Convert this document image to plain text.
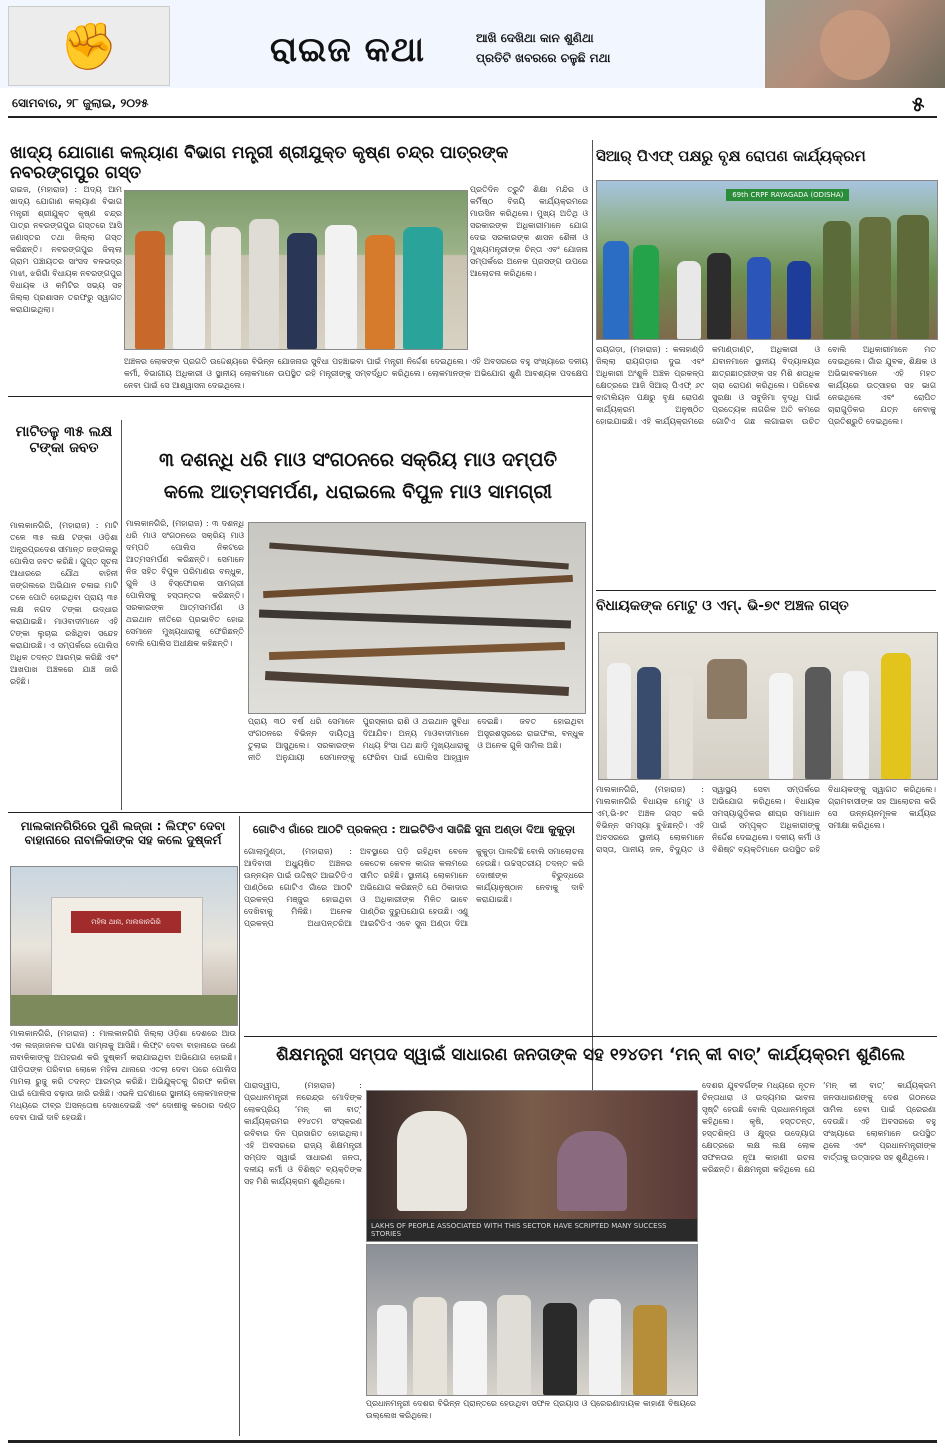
✊	ରାଇଜ କଥା	ଆଖି ଦେଖିଥା କାନ ଶୁଣିଥା
ପ୍ରତିଟି ଖବରରେ ଚଳୁଛି ମଥା
ସୋମବାର, ୨୮ ଜୁଲାଇ, ୨୦୨୫	୫
ଖାଦ୍ୟ ଯୋଗାଣ କଲ୍ୟାଣ ବିଭାଗ ମନ୍ତ୍ରୀ ଶ୍ରୀଯୁକ୍ତ କୃଷ୍ଣ ଚନ୍ଦ୍ର ପାତ୍ରଙ୍କ ନବରଙ୍ଗପୁର ଗସ୍ତ
ରାଇଜ, (ମହାରାଜ) : ଅଦ୍ୟ ଆମ ଖାଦ୍ୟ ଯୋଗାଣ କଲ୍ୟାଣ ବିଭାଗ ମନ୍ତ୍ରୀ ଶ୍ରୀଯୁକ୍ତ କୃଷ୍ଣ ଚନ୍ଦ୍ର ପାତ୍ର ନବରଙ୍ଗପୁର ଗସ୍ତରେ ଆସି ଜଣାସ୍ତର ତଥା ଜିଲ୍ଲା ଗସ୍ତ କରିଛନ୍ତି। ନବରଙ୍ଗପୁର ଜିଲ୍ଲା ଗ୍ରାମ ପଞ୍ଚାୟତର ସାଂସଦ ବଳଭଦ୍ର ମାଝୀ, ଝରିଗାଁ ବିଧାୟକ ନବରଙ୍ଗପୁର ବିଧାୟକ ଓ କମିଟିର ସଭ୍ୟ ସହ ଜିଲ୍ଲା ପ୍ରଶାସନ ତରଫରୁ ସ୍ୱାଗତ କରାଯାଇଥିଲା।
ପ୍ରତିଦିନ ତ୍ରୁଟି ଶିକ୍ଷା ମନ୍ଦିର ଓ କର୍ମିଷ୍ଠ ବିଜୟି କାର୍ଯ୍ୟକ୍ରମରେ ମାଉସିନ କରିଥିଲେ। ମୁଖ୍ୟ ଅତିଥି ଓ ସରକାରଙ୍କ ଅଧିକାରୀମାନେ ଯୋଗ ଦେଇ ସରକାରଙ୍କ ଶାସନ ଶୈଳୀ ଓ ମୁଖ୍ୟମନ୍ତ୍ରୀଙ୍କ ଚିନ୍ତା ଏବଂ ଯୋଜନା ସମ୍ପର୍କରେ ଅନେକ ପ୍ରସଙ୍ଗ ଉପରେ ଆଲୋଚନା କରିଥିଲେ।
ଅଞ୍ଚଳର ଲୋକଙ୍କ ପ୍ରଗତି ଉଦ୍ଦେଶ୍ୟରେ ବିଭିନ୍ନ ଯୋଜନାର ସୁବିଧା ପହଞ୍ଚାଇବା ପାଇଁ ମନ୍ତ୍ରୀ ନିର୍ଦ୍ଦେଶ ଦେଇଥିଲେ। ଏହି ଅବସରରେ ବହୁ ସଂଖ୍ୟାରେ ଦଳୀୟ କର୍ମୀ, ବିଭାଗୀୟ ଅଧିକାରୀ ଓ ସ୍ଥାନୀୟ ଲୋକମାନେ ଉପସ୍ଥିତ ରହି ମନ୍ତ୍ରୀଙ୍କୁ ସମ୍ବର୍ଦ୍ଧିତ କରିଥିଲେ। ଲୋକମାନଙ୍କ ଅଭିଯୋଗ ଶୁଣି ଆବଶ୍ୟକ ପଦକ୍ଷେପ ନେବା ପାଇଁ ସେ ଆଶ୍ୱାସନା ଦେଇଥିଲେ।
ସିଆର୍ ପିଏଫ୍ ପକ୍ଷରୁ ବୃକ୍ଷ ରୋପଣ କାର୍ଯ୍ୟକ୍ରମ
69th CRPF RAYAGADA (ODISHA)
ରାୟଗଡ଼ା, (ମହାରାଜ) : କଳାହାଣ୍ଡି ଜିଲ୍ଲା ରାୟଗଡ଼ାର ଦୁଇ ଏବଂ ଅଧିକାରୀ ଅଂଶୁଳି ଅଞ୍ଚଳ ପ୍ରକଳ୍ପ କ୍ଷେତ୍ରରେ ଆଜି ସିଆର୍ ପିଏଫ୍ ୬୯ ବାଟାଲିୟନ ପକ୍ଷରୁ ବୃକ୍ଷ ରୋପଣ କାର୍ଯ୍ୟକ୍ରମ ଅନୁଷ୍ଠିତ ହୋଇଯାଇଛି। ଏହି କାର୍ଯ୍ୟକ୍ରମରେ କମାଣ୍ଡାଣ୍ଟ, ଅଧିକାରୀ ଓ ଯବାନମାନେ ସ୍ଥାନୀୟ ବିଦ୍ୟାଳୟର ଛାତ୍ରଛାତ୍ରୀଙ୍କ ସହ ମିଶି ଶତାଧିକ ଚାରା ରୋପଣ କରିଥିଲେ। ପରିବେଶ ସୁରକ୍ଷା ଓ ସବୁଜିମା ବୃଦ୍ଧି ପାଇଁ ପ୍ରତ୍ୟେକ ନାଗରିକ ଅତି କମରେ ଗୋଟିଏ ଗଛ ଲଗାଇବା ଉଚିତ ବୋଲି ଅଧିକାରୀମାନେ ମତ ଦେଇଥିଲେ। ଗାଁର ଯୁବକ, ଶିକ୍ଷକ ଓ ଅଭିଭାବକମାନେ ଏହି ମହତ କାର୍ଯ୍ୟରେ ଉତ୍ସାହର ସହ ଭାଗ ନେଇଥିଲେ ଏବଂ ରୋପିତ ଚାରାଗୁଡ଼ିକର ଯତ୍ନ ନେବାକୁ ପ୍ରତିଶ୍ରୁତି ଦେଇଥିଲେ।
ମାଟିତଳୁ ୩୫ ଲକ୍ଷ ଟଙ୍କା ଜବତ
ମାଲକାନଗିରି, (ମହାରାଜ) : ମାଟି ତଳେ ୩୫ ଲକ୍ଷ ଟଙ୍କା ଓଡ଼ିଶା ଅନ୍ଧ୍ରପ୍ରଦେଶ ସୀମାନ୍ତ ଜଙ୍ଗଲରୁ ପୋଲିସ ଜବତ କରିଛି। ଗୁପ୍ତ ସୂଚନା ଆଧାରରେ ଯୌଥ ବାହିନୀ ଜଙ୍ଗଲରେ ଅଭିଯାନ ଚଳାଇ ମାଟି ତଳେ ପୋତି ହୋଇଥିବା ପ୍ରାୟ ୩୫ ଲକ୍ଷ ନଗଦ ଟଙ୍କା ଉଦ୍ଧାର କରାଯାଇଛି। ମାଓବାଦୀମାନେ ଏହି ଟଙ୍କା ଲୁଚାଇ ରଖିଥିବା ସନ୍ଦେହ କରାଯାଉଛି। ଏ ସମ୍ପର୍କରେ ପୋଲିସ ଅଧିକ ତଦନ୍ତ ଆରମ୍ଭ କରିଛି ଏବଂ ଆଖପାଖ ଅଞ୍ଚଳରେ ଯାଞ୍ଚ ଜାରି ରହିଛି।
୩ ଦଶନ୍ଧି ଧରି ମାଓ ସଂଗଠନରେ ସକ୍ରିୟ ମାଓ ଦମ୍ପତି
କଲେ ଆତ୍ମସମର୍ପଣ, ଧରାଇଲେ ବିପୁଳ ମାଓ ସାମଗ୍ରୀ
ମାଲକାନଗିରି, (ମହାରାଜ) : ୩ ଦଶନ୍ଧି ଧରି ମାଓ ସଂଗଠନରେ ସକ୍ରିୟ ମାଓ ଦମ୍ପତି ପୋଲିସ ନିକଟରେ ଆତ୍ମସମର୍ପଣ କରିଛନ୍ତି। ସେମାନେ ନିଜ ସହିତ ବିପୁଳ ପରିମାଣର ବନ୍ଧୁକ, ଗୁଳି ଓ ବିସ୍ଫୋରକ ସାମଗ୍ରୀ ପୋଲିସକୁ ହସ୍ତାନ୍ତର କରିଛନ୍ତି। ସରକାରଙ୍କ ଆତ୍ମସମର୍ପଣ ଓ ଥଇଥାନ ନୀତିରେ ପ୍ରଭାବିତ ହୋଇ ସେମାନେ ମୁଖ୍ୟଧାରାକୁ ଫେରିଛନ୍ତି ବୋଲି ପୋଲିସ ଅଧୀକ୍ଷକ କହିଛନ୍ତି।
ପ୍ରାୟ ୩୦ ବର୍ଷ ଧରି ସେମାନେ ସଂଗଠନରେ ବିଭିନ୍ନ ଦାୟିତ୍ୱ ତୁଲାଇ ଆସୁଥିଲେ। ସରକାରଙ୍କ ନୀତି ଅନୁଯାୟୀ ସେମାନଙ୍କୁ ପୁରସ୍କାର ରାଶି ଓ ଥଇଥାନ ସୁବିଧା ଦିଆଯିବ। ଅନ୍ୟ ମାଓବାଦୀମାନେ ମଧ୍ୟ ହିଂସା ପଥ ଛାଡ଼ି ମୁଖ୍ୟଧାରାକୁ ଫେରିବା ପାଇଁ ପୋଲିସ ଆହ୍ୱାନ ଦେଇଛି। ଜବତ ହୋଇଥିବା ଅସ୍ତ୍ରଶସ୍ତ୍ରରେ ରାଇଫଲ, ବନ୍ଧୁକ ଓ ଅନେକ ଗୁଳି ସାମିଲ ଅଛି।
ବିଧାୟକଙ୍କ ମୋଟୁ ଓ ଏମ୍. ଭି-୭୯ ଅଞ୍ଚଳ ଗସ୍ତ
ମାଲକାନଗିରି, (ମହାରାଜ) : ମାଲକାନଗିରି ବିଧାୟକ ମୋଟୁ ଓ ଏମ୍.ଭି-୭୯ ଅଞ୍ଚଳ ଗସ୍ତ କରି ବିଭିନ୍ନ ସମସ୍ୟା ବୁଝିଛନ୍ତି। ଏହି ଅବସରରେ ସ୍ଥାନୀୟ ଲୋକମାନେ ରାସ୍ତା, ପାନୀୟ ଜଳ, ବିଦ୍ୟୁତ ଓ ସ୍ୱାସ୍ଥ୍ୟ ସେବା ସମ୍ପର୍କରେ ଅଭିଯୋଗ କରିଥିଲେ। ବିଧାୟକ ସମସ୍ୟାଗୁଡ଼ିକର ଶୀଘ୍ର ସମାଧାନ ପାଇଁ ସମ୍ପୃକ୍ତ ଅଧିକାରୀଙ୍କୁ ନିର୍ଦ୍ଦେଶ ଦେଇଥିଲେ। ଦଳୀୟ କର୍ମୀ ଓ ବିଶିଷ୍ଟ ବ୍ୟକ୍ତିମାନେ ଉପସ୍ଥିତ ରହି ବିଧାୟକଙ୍କୁ ସ୍ୱାଗତ କରିଥିଲେ। ଗ୍ରାମବାସୀଙ୍କ ସହ ଆଲୋଚନା କରି ସେ ଉନ୍ନୟନମୂଳକ କାର୍ଯ୍ୟର ସମୀକ୍ଷା କରିଥିଲେ।
ମାଲକାନଗିରିରେ ପୁଣି ଲଜ୍ଜା : ଲିଫ୍ଟ ଦେବା ବାହାନାରେ ନାବାଳିକାଙ୍କ ସହ କଲେ ଦୁଷ୍କର୍ମ
ମହିଳା ଥାନା, ମାଲକାନଗିରି
ମାଲକାନଗିରି, (ମହାରାଜ) : ମାଲକାନଗିରି ଜିଲ୍ଲା ଓଡ଼ିଶା ଦେଶରେ ଆଉ ଏକ ଲଜ୍ଜାଜନକ ଘଟଣା ସାମ୍ନାକୁ ଆସିଛି। ଲିଫ୍ଟ ଦେବା ବାହାନାରେ ଜଣେ ନାବାଳିକାଙ୍କୁ ଅପହରଣ କରି ଦୁଷ୍କର୍ମ କରାଯାଇଥିବା ଅଭିଯୋଗ ହୋଇଛି। ପୀଡ଼ିତାଙ୍କ ପରିବାର ଲୋକେ ମହିଳା ଥାନାରେ ଏତଲା ଦେବା ପରେ ପୋଲିସ ମାମଲା ରୁଜୁ କରି ତଦନ୍ତ ଆରମ୍ଭ କରିଛି। ଅଭିଯୁକ୍ତକୁ ଗିରଫ କରିବା ପାଇଁ ପୋଲିସ ଚଢ଼ାଉ ଜାରି ରଖିଛି। ଏଭଳି ଘଟଣାରେ ସ୍ଥାନୀୟ ଲୋକମାନଙ୍କ ମଧ୍ୟରେ ତୀବ୍ର ଅସନ୍ତୋଷ ଦେଖାଦେଇଛି ଏବଂ ଦୋଷୀକୁ କଠୋର ଦଣ୍ଡ ଦେବା ପାଇଁ ଦାବି ହେଉଛି।
ଗୋଟିଏ ଗାଁରେ ଆଠଟି ପ୍ରକଳ୍ପ : ଆଇଟିଡିଏ ସାଜିଛି ସୁନା ଅଣ୍ଡା ଦିଆ କୁକୁଡ଼ା
ଗୋଲାମୁଣ୍ଡା, (ମହାରାଜ) : ଆଦିବାସୀ ଅଧ୍ୟୁଷିତ ଅଞ୍ଚଳର ଉନ୍ନୟନ ପାଇଁ ଉଦ୍ଦିଷ୍ଟ ଆଇଟିଡିଏ ପାଣ୍ଠିରେ ଗୋଟିଏ ଗାଁରେ ଆଠଟି ପ୍ରକଳ୍ପ ମଞ୍ଜୁର ହୋଇଥିବା ଦେଖିବାକୁ ମିଳିଛି। ଅନେକ ପ୍ରକଳ୍ପ ଅଧାପନ୍ତରିଆ ଅବସ୍ଥାରେ ପଡ଼ି ରହିଥିବା ବେଳେ କେତେକ କେବଳ କାଗଜ କଲମରେ ସୀମିତ ରହିଛି। ସ୍ଥାନୀୟ ଲୋକମାନେ ଅଭିଯୋଗ କରିଛନ୍ତି ଯେ ଠିକାଦାର ଓ ଅଧିକାରୀଙ୍କ ମିଳିତ ଭାବେ ପାଣ୍ଠିର ଦୁରୁପଯୋଗ ହେଉଛି। ଏଣୁ ଆଇଟିଡିଏ ଏବେ ସୁନା ଅଣ୍ଡା ଦିଆ କୁକୁଡ଼ା ପାଲଟିଛି ବୋଲି ସମାଲୋଚନା ହେଉଛି। ଉଚ୍ଚସ୍ତରୀୟ ତଦନ୍ତ କରି ଦୋଷୀଙ୍କ ବିରୁଦ୍ଧରେ କାର୍ଯ୍ୟାନୁଷ୍ଠାନ ନେବାକୁ ଦାବି କରାଯାଇଛି।
ଶିକ୍ଷମନ୍ତ୍ରୀ ସମ୍ପଦ ସ୍ୱାଇଁ ସାଧାରଣ ଜନତାଙ୍କ ସହ ୧୨୪ତମ ‘ମନ୍ କୀ ବାତ୍’ କାର୍ଯ୍ୟକ୍ରମ ଶୁଣିଲେ
ପାରାଦ୍ୱୀପ, (ମହାରାଜ) : ପ୍ରଧାନମନ୍ତ୍ରୀ ନରେନ୍ଦ୍ର ମୋଦିଙ୍କ ଲୋକପ୍ରିୟ ‘ମନ୍ କୀ ବାତ୍’ କାର୍ଯ୍ୟକ୍ରମର ୧୨୪ତମ ସଂସ୍କରଣ ରବିବାର ଦିନ ପ୍ରସାରିତ ହୋଇଥିଲା। ଏହି ଅବସରରେ ରାଜ୍ୟ ଶିକ୍ଷମନ୍ତ୍ରୀ ସମ୍ପଦ ସ୍ୱାଇଁ ସାଧାରଣ ଜନତା, ଦଳୀୟ କର୍ମୀ ଓ ବିଶିଷ୍ଟ ବ୍ୟକ୍ତିଙ୍କ ସହ ମିଶି କାର୍ଯ୍ୟକ୍ରମ ଶୁଣିଥିଲେ।
LAKHS OF PEOPLE ASSOCIATED WITH THIS SECTOR HAVE SCRIPTED MANY SUCCESS STORIES
ପ୍ରଧାନମନ୍ତ୍ରୀ ଦେଶର ବିଭିନ୍ନ ପ୍ରାନ୍ତରେ ହେଉଥିବା ସଫଳ ପ୍ରୟାସ ଓ ପ୍ରେରଣାଦାୟକ କାହାଣୀ ବିଷୟରେ ଉଲ୍ଲେଖ କରିଥିଲେ।
ଦେଶର ଯୁବବର୍ଗଙ୍କ ମଧ୍ୟରେ ନୂତନ ଚିନ୍ତାଧାରା ଓ ଉଦ୍ୟମର ଭାବନା ସୃଷ୍ଟି ହେଉଛି ବୋଲି ପ୍ରଧାନମନ୍ତ୍ରୀ କହିଥିଲେ। କୃଷି, ହସ୍ତତନ୍ତ, ହସ୍ତଶିଳ୍ପ ଓ କ୍ଷୁଦ୍ର ଉଦ୍ୟୋଗ କ୍ଷେତ୍ରରେ ଲକ୍ଷ ଲକ୍ଷ ଲୋକ ସଫଳତାର ନୂଆ କାହାଣୀ ରଚନା କରିଛନ୍ତି। ଶିକ୍ଷମନ୍ତ୍ରୀ କହିଥିଲେ ଯେ ‘ମନ୍ କୀ ବାତ୍’ କାର୍ଯ୍ୟକ୍ରମ ଜନସାଧାରଣଙ୍କୁ ଦେଶ ଗଠନରେ ସାମିଲ ହେବା ପାଇଁ ପ୍ରେରଣା ଦେଉଛି। ଏହି ଅବସରରେ ବହୁ ସଂଖ୍ୟାରେ ଲୋକମାନେ ଉପସ୍ଥିତ ଥିଲେ ଏବଂ ପ୍ରଧାନମନ୍ତ୍ରୀଙ୍କ ବାର୍ତ୍ତାକୁ ଉତ୍ସାହର ସହ ଶୁଣିଥିଲେ।
